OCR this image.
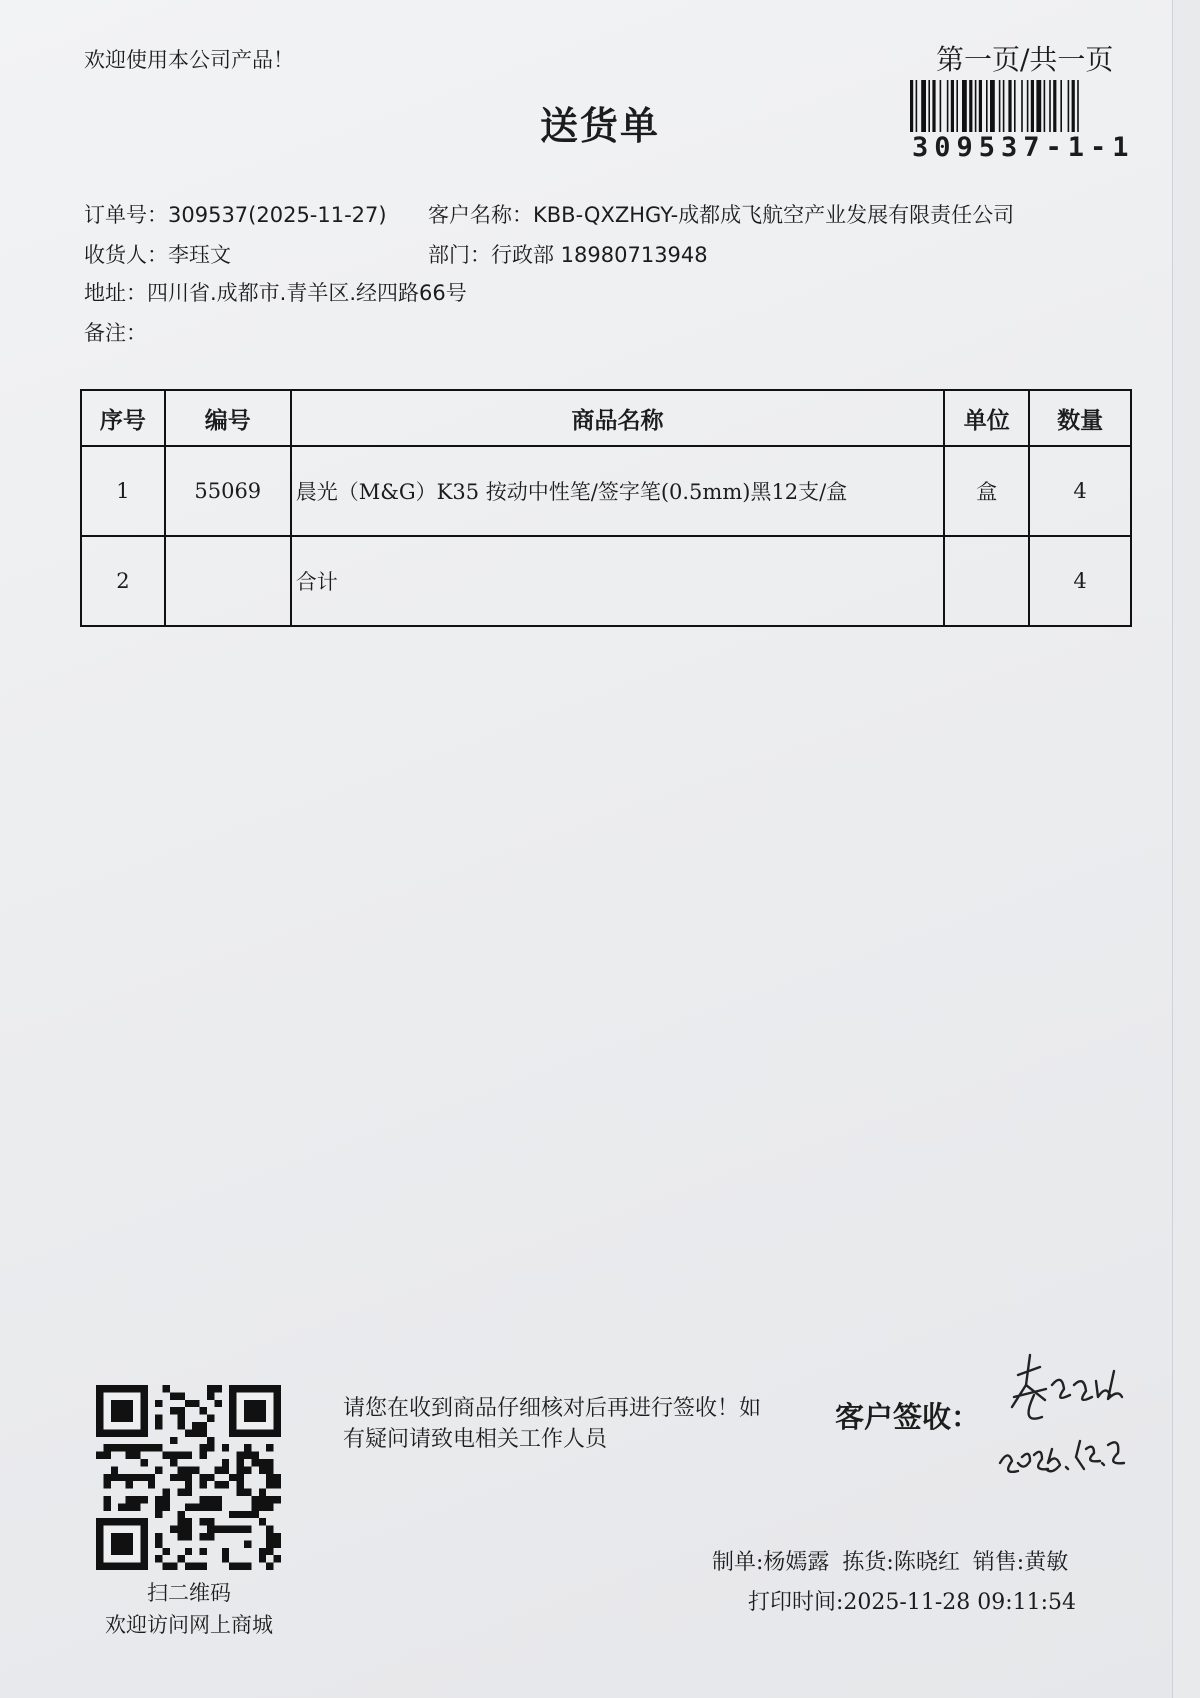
欢迎使用本公司产品！	第一页/共一页
送货单	309537-1-1
订单号：309537(2025-11-27) 客户名称：KBB-QXZHGY-成都成飞航空产业发展有限责任公司
收货人：李珏文	部门：行政部 18980713948
地址：四川省.成都市.青羊区.经四路66号
备注：
序号	编号	商品名称	单位	数量
1	55069	晨光（M&G）K35 按动中性笔/签字笔(0.5mm)黑12支/盒	盒	4
2		合计		4
扫二维码
欢迎访问网上商城
请您在收到商品仔细核对后再进行签收！如有疑问请致电相关工作人员
客户签收：
制单:杨嫣露 拣货:陈晓红 销售:黄敏
打印时间:2025-11-28 09:11:54
